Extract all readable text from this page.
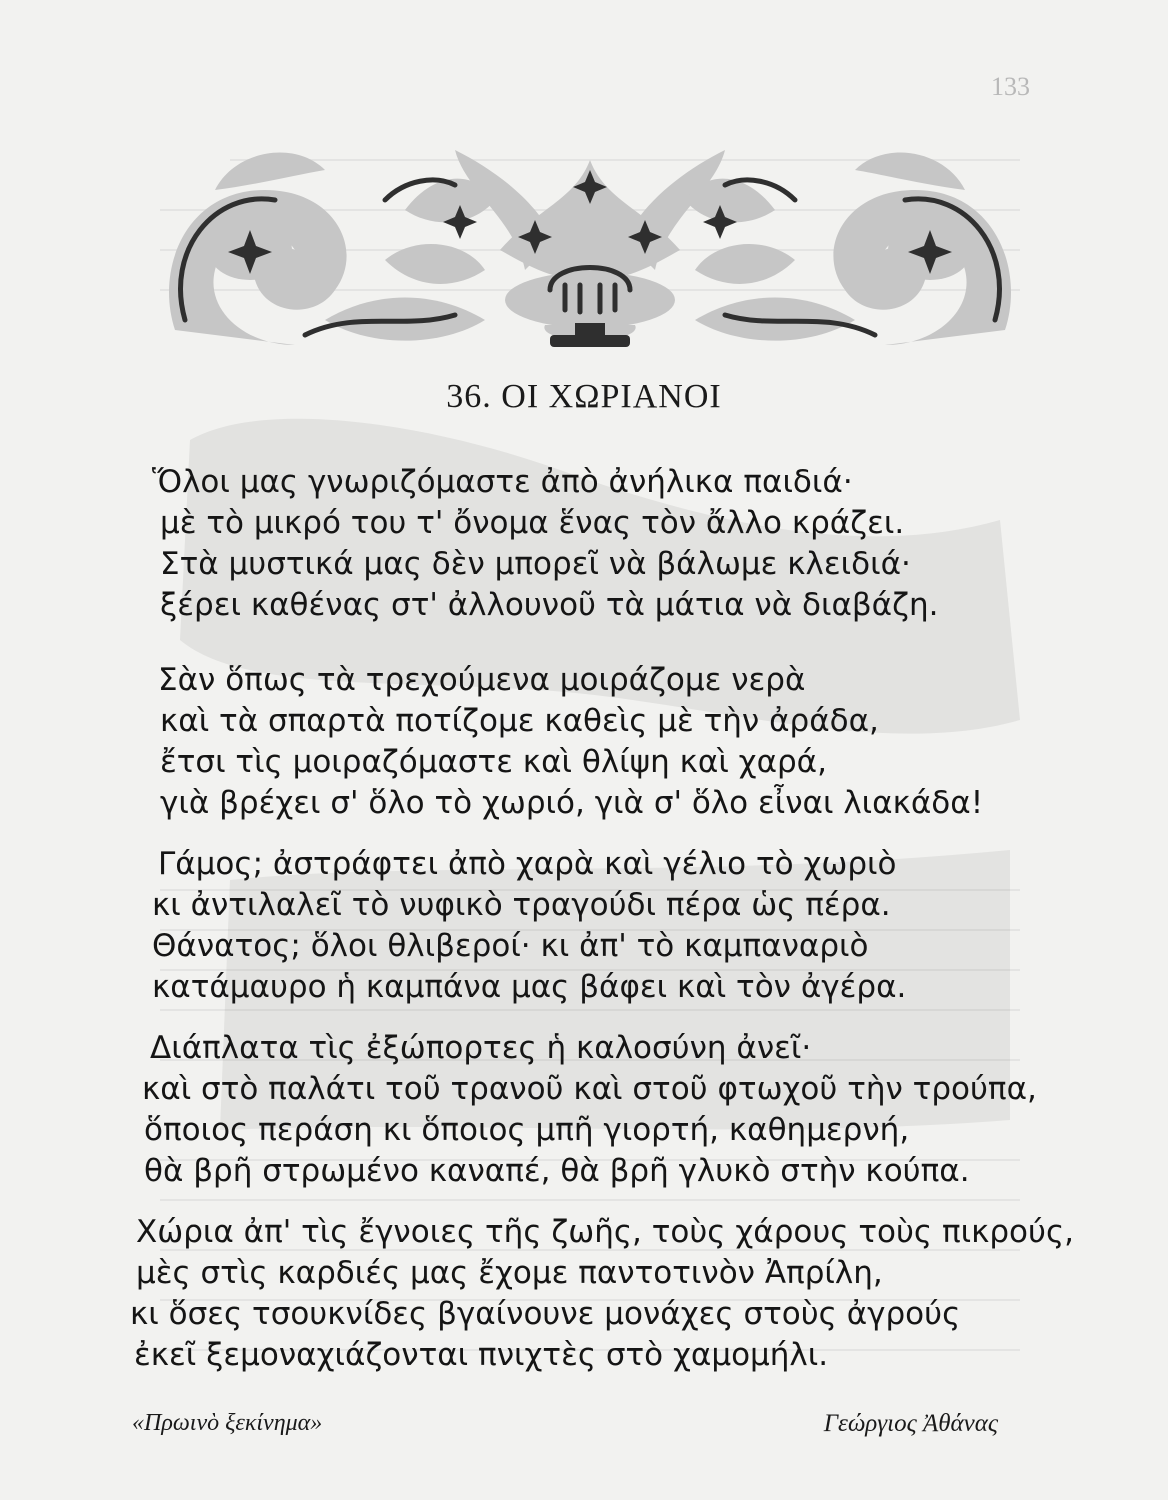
133
36. ΟΙ ΧΩΡΙΑΝΟΙ
Ὅλοι μας γνωριζόμαστε ἀπὸ ἀνήλικα παιδιά·
μὲ τὸ μικρό του τ' ὄνομα ἕνας τὸν ἄλλο κράζει.
Στὰ μυστικά μας δὲν μπορεῖ νὰ βάλωμε κλειδιά·
ξέρει καθένας στ' ἀλλουνοῦ τὰ μάτια νὰ διαβάζη.
Σὰν ὅπως τὰ τρεχούμενα μοιράζομε νερὰ
καὶ τὰ σπαρτὰ ποτίζομε καθεὶς μὲ τὴν ἀράδα,
ἔτσι τὶς μοιραζόμαστε καὶ θλίψη καὶ χαρά,
γιὰ βρέχει σ' ὅλο τὸ χωριό, γιὰ σ' ὅλο εἶναι λιακάδα!
Γάμος; ἀστράφτει ἀπὸ χαρὰ καὶ γέλιο τὸ χωριὸ
κι ἀντιλαλεῖ τὸ νυφικὸ τραγούδι πέρα ὡς πέρα.
Θάνατος; ὅλοι θλιβεροί· κι ἀπ' τὸ καμπαναριὸ
κατάμαυρο ἡ καμπάνα μας βάφει καὶ τὸν ἀγέρα.
Διάπλατα τὶς ἐξώπορτες ἡ καλοσύνη ἀνεῖ·
καὶ στὸ παλάτι τοῦ τρανοῦ καὶ στοῦ φτωχοῦ τὴν τρούπα,
ὅποιος περάση κι ὅποιος μπῆ γιορτή, καθημερνή,
θὰ βρῆ στρωμένο καναπέ, θὰ βρῆ γλυκὸ στὴν κούπα.
Χώρια ἀπ' τὶς ἔγνοιες τῆς ζωῆς, τοὺς χάρους τοὺς πικρούς,
μὲς στὶς καρδιές μας ἔχομε παντοτινὸν Ἀπρίλη,
κι ὅσες τσουκνίδες βγαίνουνε μονάχες στοὺς ἀγρούς
ἐκεῖ ξεμοναχιάζονται πνιχτὲς στὸ χαμομήλι.
«Πρωινὸ ξεκίνημα»	Γεώργιος Ἀθάνας
